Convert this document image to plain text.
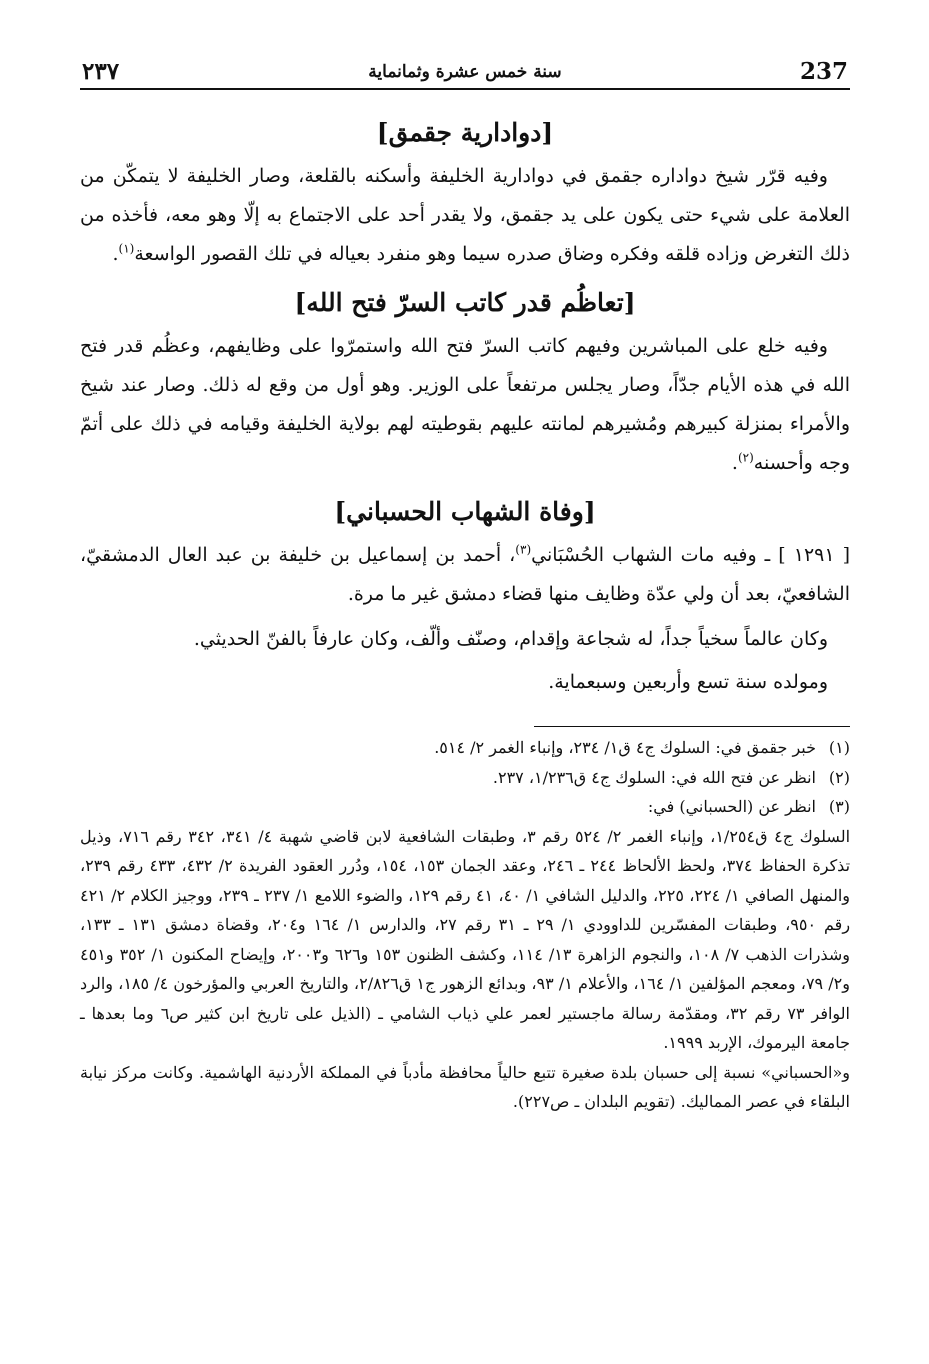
237
سنة خمس عشرة وثمانماية
٢٣٧
[دوادارية جقمق]

وفيه قرّر شيخ دواداره جقمق في دوادارية الخليفة وأسكنه بالقلعة، وصار الخليفة لا يتمكّن من العلامة على شيء حتى يكون على يد جقمق، ولا يقدر أحد على الاجتماع به إلّا وهو معه، فأخذه من ذلك التغرض وزاده قلقه وفكره وضاق صدره سيما وهو منفرد بعياله في تلك القصور الواسعة$^{(١)}$.

[تعاظُم قدر كاتب السرّ فتح الله]

وفيه خلع على المباشرين وفيهم كاتب السرّ فتح الله واستمرّوا على وظايفهم، وعظُم قدر فتح الله في هذه الأيام جدّاً، وصار يجلس مرتفعاً على الوزير. وهو أول من وقع له ذلك. وصار عند شيخ والأمراء بمنزلة كبيرهم ومُشيرهم لمانته عليهم بقوطيته لهم بولاية الخليفة وقيامه في ذلك على أتمّ وجه وأحسنه$^{(٢)}$.

[وفاة الشهاب الحسباني]

[ ١٢٩١ ] ـ وفيه مات الشهاب الحُسْبَاني$^{(٣)}$، أحمد بن إسماعيل بن خليفة بن عبد العال الدمشقيّ، الشافعيّ، بعد أن ولي عدّة وظايف منها قضاء دمشق غير ما مرة.

وكان عالماً سخياً جداً، له شجاعة وإقدام، وصنّف وألّف، وكان عارفاً بالفنّ الحديثي.

ومولده سنة تسع وأربعين وسبعماية.

(١)
خبر جقمق في: السلوك ج٤ ق١/ ٢٣٤، وإنباء الغمر ٢/ ٥١٤.
(٢)
انظر عن فتح الله في: السلوك ج٤ ق١/٢٣٦، ٢٣٧.
(٣)
انظر عن (الحسباني) في:

السلوك ج٤ ق١/٢٥٤، وإنباء الغمر ٢/ ٥٢٤ رقم ٣، وطبقات الشافعية لابن قاضي شهبة ٤/ ٣٤١، ٣٤٢ رقم ٧١٦، وذيل تذكرة الحفاظ ٣٧٤، ولحظ الألحاظ ٢٤٤ ـ ٢٤٦، وعقد الجمان ١٥٣، ١٥٤، ودُرر العقود الفريدة ٢/ ٤٣٢، ٤٣٣ رقم ٢٣٩، والمنهل الصافي ١/ ٢٢٤، ٢٢٥، والدليل الشافي ١/ ٤٠، ٤١ رقم ١٢٩، والضوء اللامع ١/ ٢٣٧ ـ ٢٣٩، ووجيز الكلام ٢/ ٤٢١ رقم ٩٥٠، وطبقات المفسّرين للداوودي ١/ ٢٩ ـ ٣١ رقم ٢٧، والدارس ١/ ١٦٤ و٢٠٤، وقضاة دمشق ١٣١ ـ ١٣٣، وشذرات الذهب ٧/ ١٠٨، والنجوم الزاهرة ١٣/ ١١٤، وكشف الظنون ١٥٣ و٦٢٦ و٢٠٠٣، وإيضاح المكنون ١/ ٣٥٢ و٤٥١ و٢/ ٧٩، ومعجم المؤلفين ١/ ١٦٤، والأعلام ١/ ٩٣، وبدائع الزهور ج١ ق٢/٨٢٦، والتاريخ العربي والمؤرخون ٤/ ١٨٥، والرد الوافر ٧٣ رقم ٣٢، ومقدّمة رسالة ماجستير لعمر علي ذياب الشامي ـ (الذيل على تاريخ ابن كثير ص٦ وما بعدها ـ جامعة اليرموك، الإربد ١٩٩٩.

و«الحسباني» نسبة إلى حسبان بلدة صغيرة تتبع حالياً محافظة مأدباً في المملكة الأردنية الهاشمية. وكانت مركز نيابة البلقاء في عصر المماليك. (تقويم البلدان ـ ص٢٢٧).
